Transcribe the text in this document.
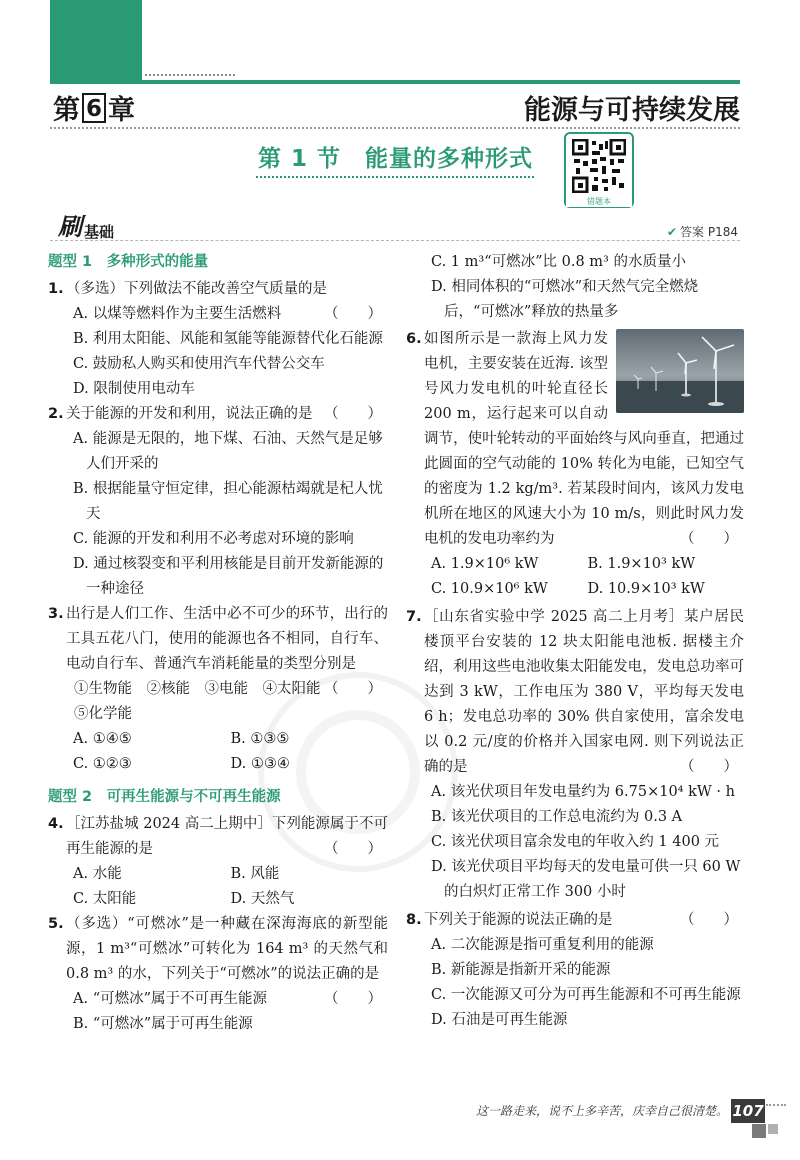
第 6 章	能源与可持续发展
第 1 节　能量的多种形式
错题本
刷 基础	✔ 答案 P184
题型 1　多种形式的能量
1. （多选）下列做法不能改善空气质量的是
（　　）
A. 以煤等燃料作为主要生活燃料
B. 利用太阳能、风能和氢能等能源替代化石能源
C. 鼓励私人购买和使用汽车代替公交车
D. 限制使用电动车
2. 关于能源的开发和利用，说法正确的是 （　　）
A. 能源是无限的，地下煤、石油、天然气是足够人们开采的
B. 根据能量守恒定律，担心能源枯竭就是杞人忧天
C. 能源的开发和利用不必考虑对环境的影响
D. 通过核裂变和平利用核能是目前开发新能源的一种途径
3. 出行是人们工作、生活中必不可少的环节，出行的工具五花八门，使用的能源也各不相同，自行车、电动自行车、普通汽车消耗能量的类型分别是
（　　）
①生物能　②核能　③电能　④太阳能
⑤化学能
A. ①④⑤	B. ①③⑤
C. ①②③	D. ①③④
题型 2　可再生能源与不可再生能源
4. ［江苏盐城 2024 高二上期中］下列能源属于不可再生能源的是	（　　）
A. 水能	B. 风能
C. 太阳能	D. 天然气
5. （多选）“可燃冰”是一种藏在深海海底的新型能源，1 m³“可燃冰”可转化为 164 m³ 的天然气和 0.8 m³ 的水，下列关于“可燃冰”的说法正确的是
（　　）
A. “可燃冰”属于不可再生能源
B. “可燃冰”属于可再生能源
C. 1 m³“可燃冰”比 0.8 m³ 的水质量小
D. 相同体积的“可燃冰”和天然气完全燃烧后，“可燃冰”释放的热量多
6. 如图所示是一款海上风力发电机，主要安装在近海. 该型号风力发电机的叶轮直径长 200 m，运行起来可以自动调节，使叶轮转动的平面始终与风向垂直，把通过此圆面的空气动能的 10% 转化为电能，已知空气的密度为 1.2 kg/m³. 若某段时间内，该风力发电机所在地区的风速大小为 10 m/s，则此时风力发电机的发电功率约为	（　　）
A. 1.9×10⁶ kW	B. 1.9×10³ kW
C. 10.9×10⁶ kW	D. 10.9×10³ kW
7. ［山东省实验中学 2025 高二上月考］某户居民楼顶平台安装的 12 块太阳能电池板. 据楼主介绍，利用这些电池收集太阳能发电，发电总功率可达到 3 kW，工作电压为 380 V，平均每天发电 6 h；发电总功率的 30% 供自家使用，富余发电以 0.2 元/度的价格并入国家电网. 则下列说法正确的是	（　　）
A. 该光伏项目年发电量约为 6.75×10⁴ kW · h
B. 该光伏项目的工作总电流约为 0.3 A
C. 该光伏项目富余发电的年收入约 1 400 元
D. 该光伏项目平均每天的发电量可供一只 60 W 的白炽灯正常工作 300 小时
8. 下列关于能源的说法正确的是	（　　）
A. 二次能源是指可重复利用的能源
B. 新能源是指新开采的能源
C. 一次能源又可分为可再生能源和不可再生能源
D. 石油是可再生能源
这一路走来，说不上多辛苦，庆幸自己很清楚。 107
